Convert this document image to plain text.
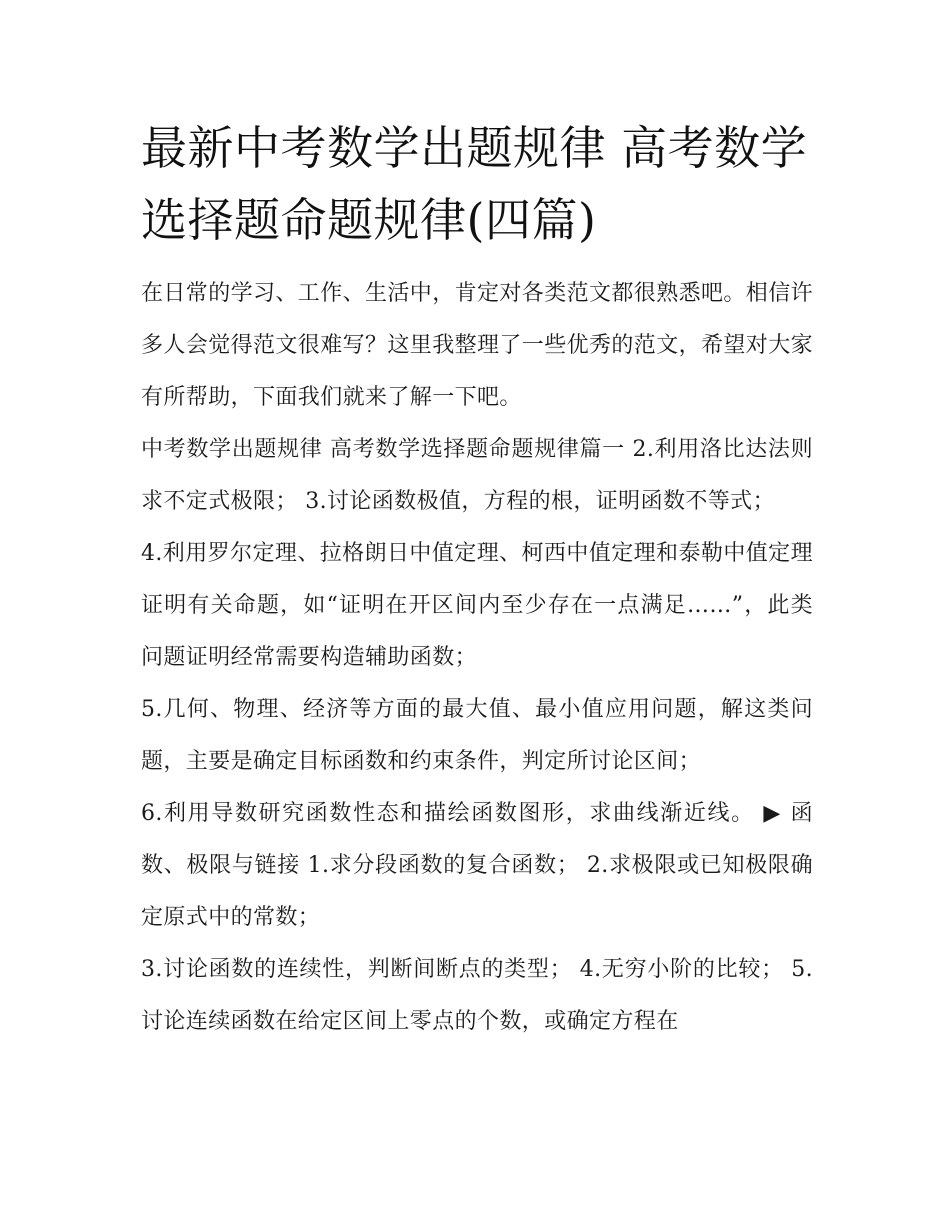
最新中考数学出题规律 高考数学选择题命题规律(四篇)

在日常的学习、工作、生活中，肯定对各类范文都很熟悉吧。相信许多人会觉得范文很难写？这里我整理了一些优秀的范文，希望对大家有所帮助，下面我们就来了解一下吧。

中考数学出题规律 高考数学选择题命题规律篇一 2.利用洛比达法则求不定式极限； 3.讨论函数极值，方程的根，证明函数不等式；

4.利用罗尔定理、拉格朗日中值定理、柯西中值定理和泰勒中值定理证明有关命题，如“证明在开区间内至少存在一点满足……”，此类问题证明经常需要构造辅助函数；

5.几何、物理、经济等方面的最大值、最小值应用问题，解这类问题，主要是确定目标函数和约束条件，判定所讨论区间；

6.利用导数研究函数性态和描绘函数图形，求曲线渐近线。 ▶ 函数、极限与链接 1.求分段函数的复合函数； 2.求极限或已知极限确定原式中的常数；

3.讨论函数的连续性，判断间断点的类型； 4.无穷小阶的比较； 5.讨论连续函数在给定区间上零点的个数，或确定方程在
